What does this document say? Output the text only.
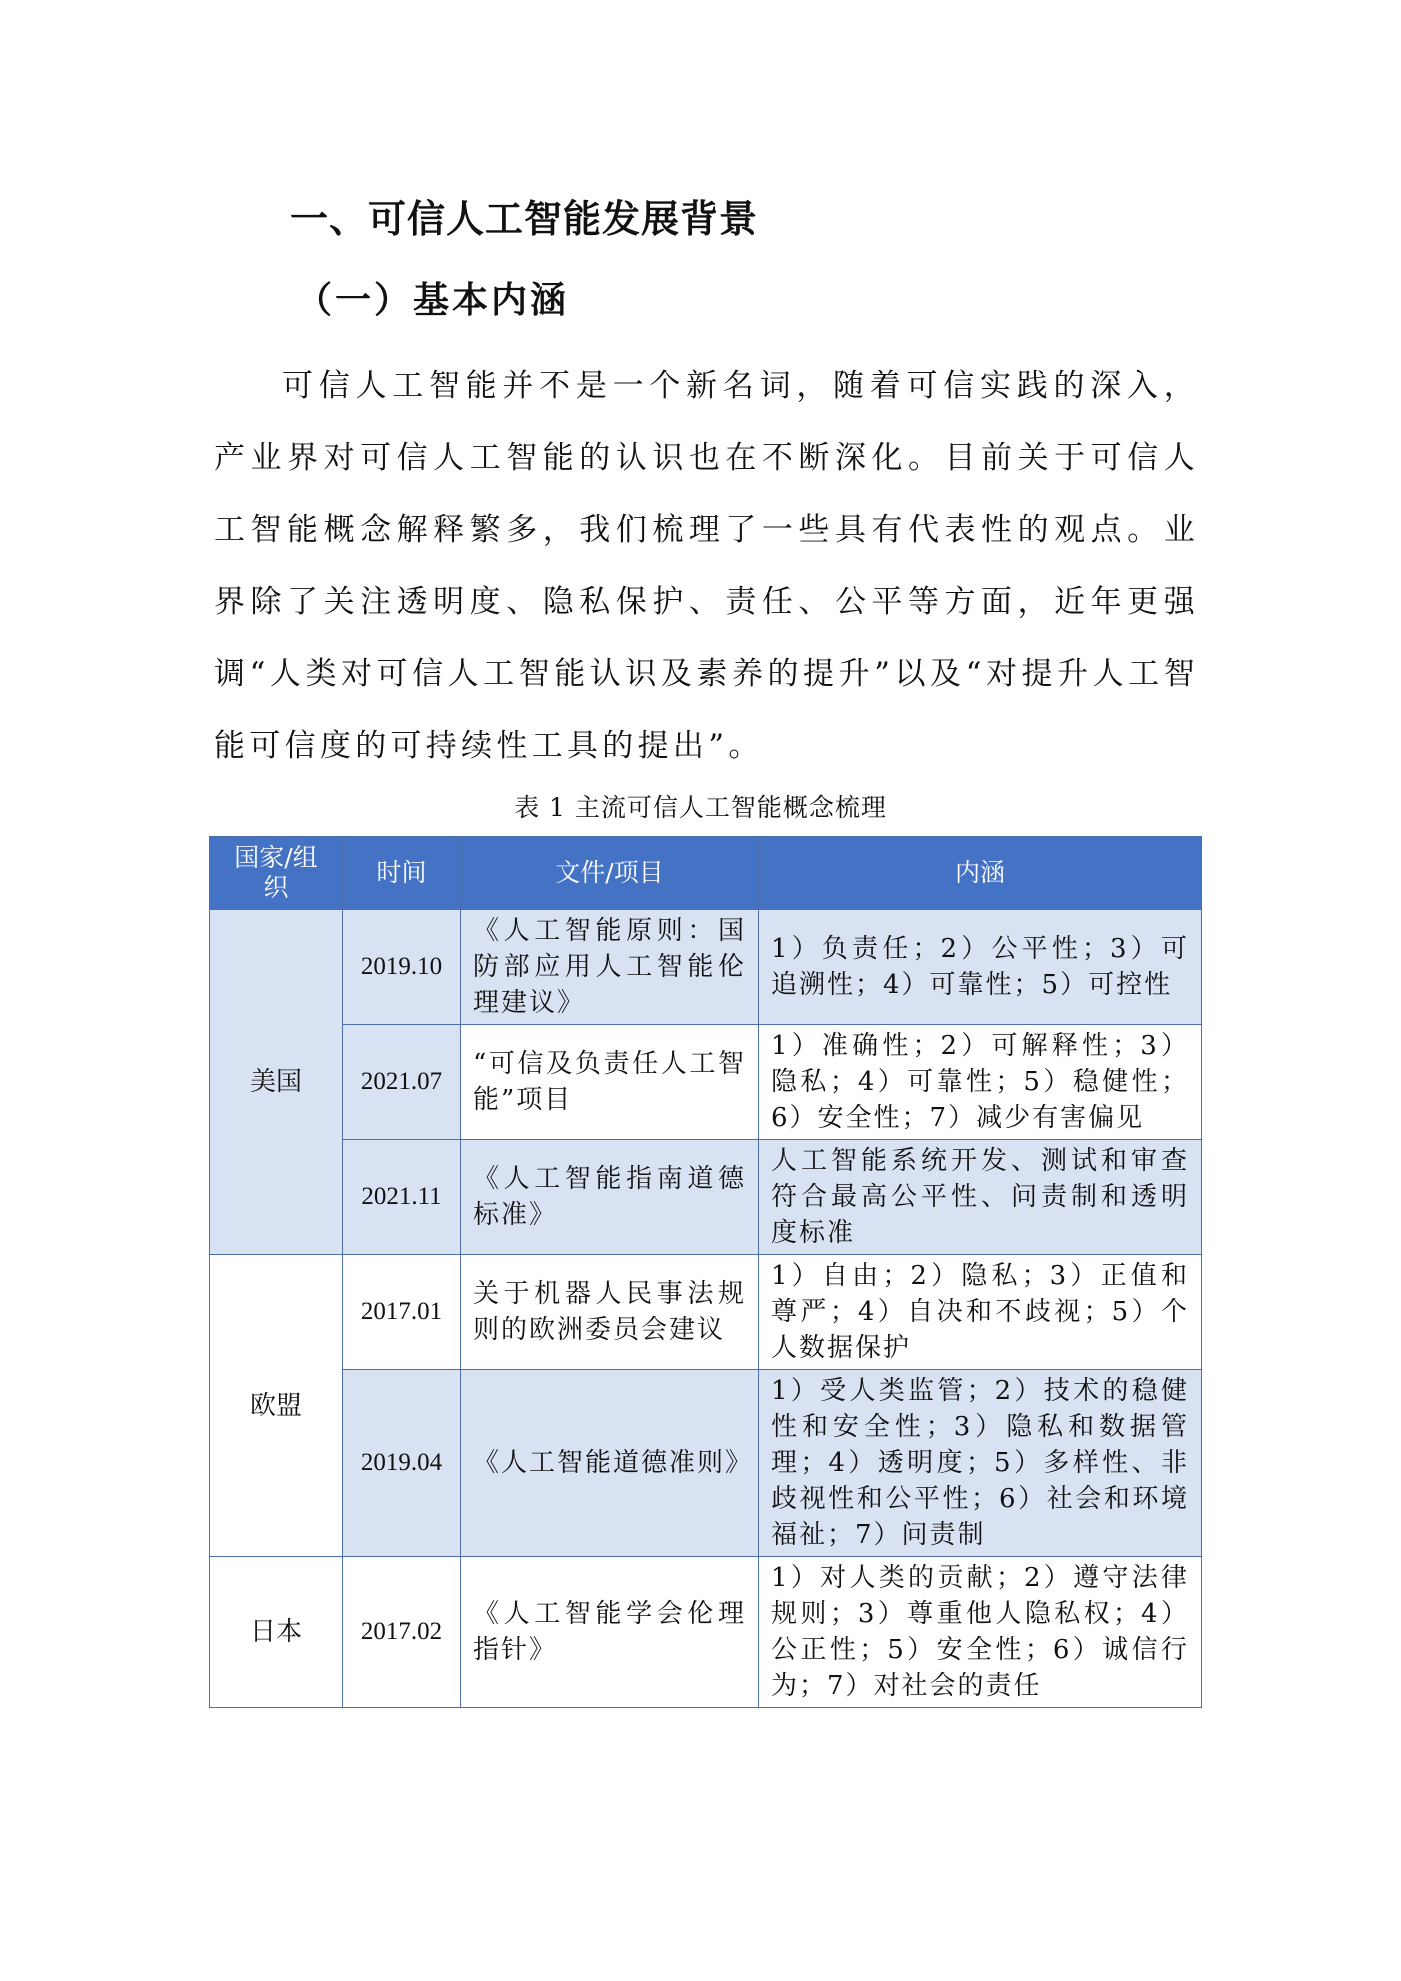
一、可信人工智能发展背景
（一）基本内涵

可信人工智能并不是一个新名词，随着可信实践的深入，产业界对可信人工智能的认识也在不断深化。目前关于可信人工智能概念解释繁多，我们梳理了一些具有代表性的观点。业界除了关注透明度、隐私保护、责任、公平等方面，近年更强调“人类对可信人工智能认识及素养的提升”以及“对提升人工智能可信度的可持续性工具的提出”。

表 1 主流可信人工智能概念梳理

国家/组织	时间	文件/项目	内涵
美国	2019.10	《人工智能原则：国防部应用人工智能伦理建议》	1）负责任；2）公平性；3）可追溯性；4）可靠性；5）可控性
	2021.07	“可信及负责任人工智能”项目	1）准确性；2）可解释性；3）隐私；4）可靠性；5）稳健性；6）安全性；7）减少有害偏见
	2021.11	《人工智能指南道德标准》	人工智能系统开发、测试和审查符合最高公平性、问责制和透明度标准
欧盟	2017.01	关于机器人民事法规则的欧洲委员会建议	1）自由；2）隐私；3）正值和尊严；4）自决和不歧视；5）个人数据保护
	2019.04	《人工智能道德准则》	1）受人类监管；2）技术的稳健性和安全性；3）隐私和数据管理；4）透明度；5）多样性、非歧视性和公平性；6）社会和环境福祉；7）问责制
日本	2017.02	《人工智能学会伦理指针》	1）对人类的贡献；2）遵守法律规则；3）尊重他人隐私权；4）公正性；5）安全性；6）诚信行为；7）对社会的责任
